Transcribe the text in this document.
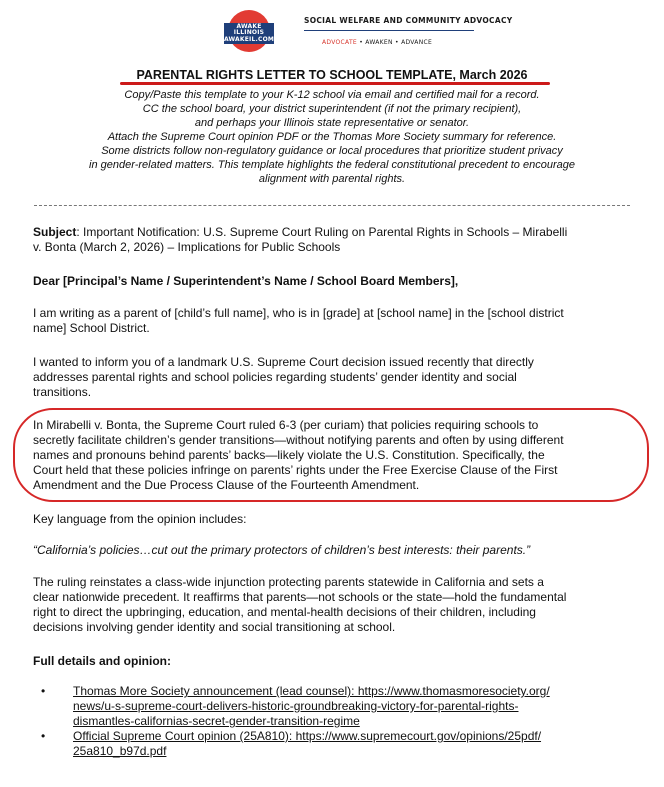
AWAKE
ILLINOIS
AWAKEIL.COM
SOCIAL WELFARE AND COMMUNITY ADVOCACY
ADVOCATE • AWAKEN • ADVANCE
PARENTAL RIGHTS LETTER TO SCHOOL TEMPLATE, March 2026
Copy/Paste this template to your K-12 school via email and certified mail for a record.
CC the school board, your district superintendent (if not the primary recipient),
and perhaps your Illinois state representative or senator.
Attach the Supreme Court opinion PDF or the Thomas More Society summary for reference.
Some districts follow non-regulatory guidance or local procedures that prioritize student privacy
in gender-related matters. This template highlights the federal constitutional precedent to encourage
alignment with parental rights.
Subject: Important Notification: U.S. Supreme Court Ruling on Parental Rights in Schools – Mirabelli
v. Bonta (March 2, 2026) – Implications for Public Schools
Dear [Principal’s Name / Superintendent’s Name / School Board Members],
I am writing as a parent of [child’s full name], who is in [grade] at [school name] in the [school district
name] School District.
I wanted to inform you of a landmark U.S. Supreme Court decision issued recently that directly
addresses parental rights and school policies regarding students’ gender identity and social
transitions.
In Mirabelli v. Bonta, the Supreme Court ruled 6-3 (per curiam) that policies requiring schools to
secretly facilitate children’s gender transitions—without notifying parents and often by using different
names and pronouns behind parents’ backs—likely violate the U.S. Constitution. Specifically, the
Court held that these policies infringe on parents’ rights under the Free Exercise Clause of the First
Amendment and the Due Process Clause of the Fourteenth Amendment.
Key language from the opinion includes:
“California’s policies…cut out the primary protectors of children’s best interests: their parents.”
The ruling reinstates a class-wide injunction protecting parents statewide in California and sets a
clear nationwide precedent. It reaffirms that parents—not schools or the state—hold the fundamental
right to direct the upbringing, education, and mental-health decisions of their children, including
decisions involving gender identity and social transitioning at school.
Full details and opinion:
• Thomas More Society announcement (lead counsel): https://www.thomasmoresociety.org/
news/u-s-supreme-court-delivers-historic-groundbreaking-victory-for-parental-rights-
dismantles-californias-secret-gender-transition-regime
• Official Supreme Court opinion (25A810): https://www.supremecourt.gov/opinions/25pdf/
25a810_b97d.pdf
